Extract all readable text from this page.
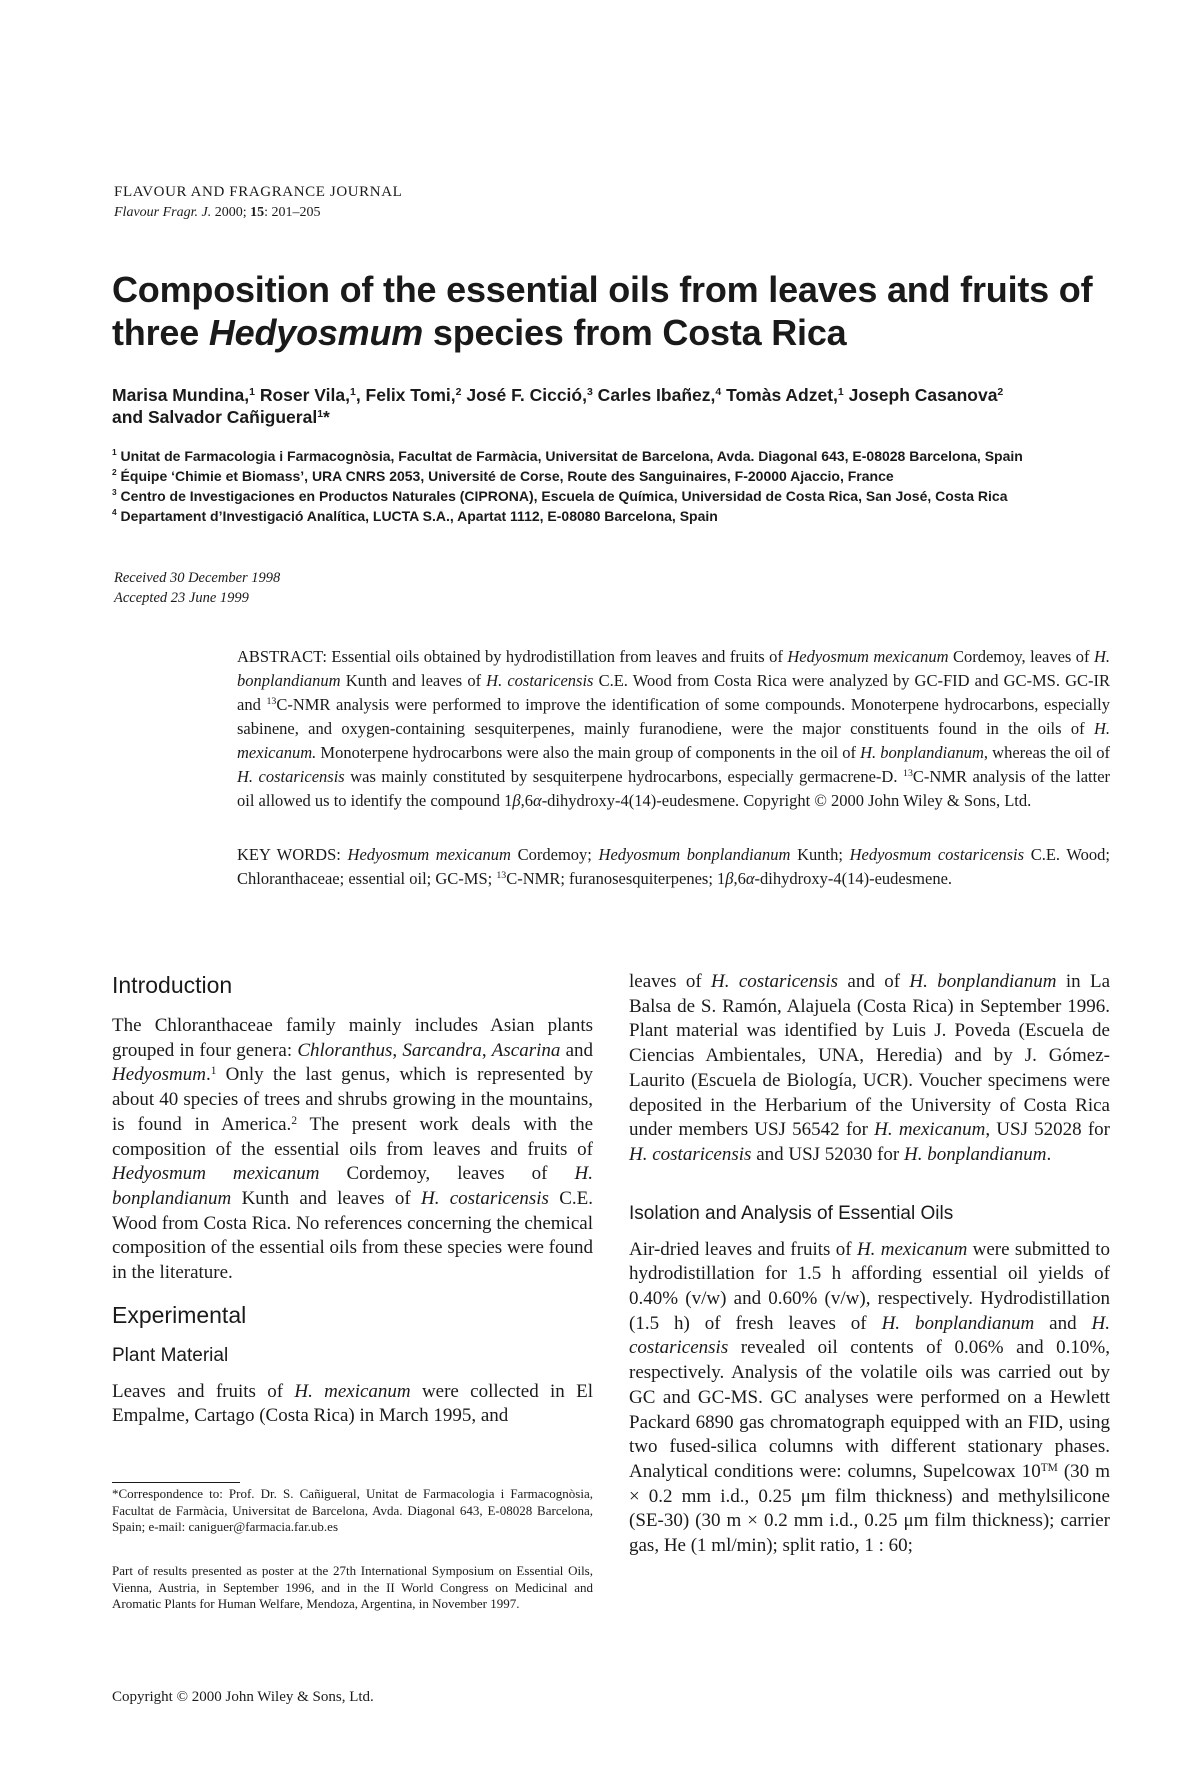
FLAVOUR AND FRAGRANCE JOURNAL
Flavour Fragr. J. 2000; 15: 201–205
Composition of the essential oils from leaves and fruits of three Hedyosmum species from Costa Rica
Marisa Mundina,$^1$ Roser Vila,$^1$, Felix Tomi,$^2$ José F. Cicció,$^3$ Carles Ibañez,$^4$ Tomàs Adzet,$^1$ Joseph Casanova$^2$
and Salvador Cañigueral$^1$*
$^1$ Unitat de Farmacologia i Farmacognòsia, Facultat de Farmàcia, Universitat de Barcelona, Avda. Diagonal 643, E-08028 Barcelona, Spain
$^2$ Équipe ‘Chimie et Biomass’, URA CNRS 2053, Université de Corse, Route des Sanguinaires, F-20000 Ajaccio, France
$^3$ Centro de Investigaciones en Productos Naturales (CIPRONA), Escuela de Química, Universidad de Costa Rica, San José, Costa Rica
$^4$ Departament d’Investigació Analítica, LUCTA S.A., Apartat 1112, E-08080 Barcelona, Spain
Received 30 December 1998
Accepted 23 June 1999
ABSTRACT: Essential oils obtained by hydrodistillation from leaves and fruits of Hedyosmum mexicanum Cordemoy, leaves of H. bonplandianum Kunth and leaves of H. costaricensis C.E. Wood from Costa Rica were analyzed by GC-FID and GC-MS. GC-IR and $^{13}$C-NMR analysis were performed to improve the identification of some compounds. Monoterpene hydrocarbons, especially sabinene, and oxygen-containing sesquiterpenes, mainly furanodiene, were the major constituents found in the oils of H. mexicanum. Monoterpene hydrocarbons were also the main group of components in the oil of H. bonplandianum, whereas the oil of H. costaricensis was mainly constituted by sesquiterpene hydrocarbons, especially germacrene-D. $^{13}$C-NMR analysis of the latter oil allowed us to identify the compound 1β,6α-dihydroxy-4(14)-eudesmene. Copyright © 2000 John Wiley & Sons, Ltd.
KEY WORDS: Hedyosmum mexicanum Cordemoy; Hedyosmum bonplandianum Kunth; Hedyosmum costaricensis C.E. Wood; Chloranthaceae; essential oil; GC-MS; $^{13}$C-NMR; furanosesquiterpenes; 1β,6α-dihydroxy-4(14)-eudesmene.
Introduction

The Chloranthaceae family mainly includes Asian plants grouped in four genera: Chloranthus, Sarcandra, Ascarina and Hedyosmum.$^1$ Only the last genus, which is represented by about 40 species of trees and shrubs growing in the mountains, is found in America.$^2$ The present work deals with the composition of the essential oils from leaves and fruits of Hedyosmum mexicanum Cordemoy, leaves of H. bonplandianum Kunth and leaves of H. costaricensis C.E. Wood from Costa Rica. No references concerning the chemical composition of the essential oils from these species were found in the literature.

Experimental
Plant Material

Leaves and fruits of H. mexicanum were collected in El Empalme, Cartago (Costa Rica) in March 1995, and

*Correspondence to: Prof. Dr. S. Cañigueral, Unitat de Farmacologia i Farmacognòsia, Facultat de Farmàcia, Universitat de Barcelona, Avda. Diagonal 643, E-08028 Barcelona, Spain; e-mail: caniguer@farmacia.far.ub.es
Part of results presented as poster at the 27th International Symposium on Essential Oils, Vienna, Austria, in September 1996, and in the II World Congress on Medicinal and Aromatic Plants for Human Welfare, Mendoza, Argentina, in November 1997.

leaves of H. costaricensis and of H. bonplandianum in La Balsa de S. Ramón, Alajuela (Costa Rica) in September 1996. Plant material was identified by Luis J. Poveda (Escuela de Ciencias Ambientales, UNA, Heredia) and by J. Gómez-Laurito (Escuela de Biología, UCR). Voucher specimens were deposited in the Herbarium of the University of Costa Rica under members USJ 56542 for H. mexicanum, USJ 52028 for H. costaricensis and USJ 52030 for H. bonplandianum.

Isolation and Analysis of Essential Oils

Air-dried leaves and fruits of H. mexicanum were submitted to hydrodistillation for 1.5 h affording essential oil yields of 0.40% (v/w) and 0.60% (v/w), respectively. Hydrodistillation (1.5 h) of fresh leaves of H. bonplandianum and H. costaricensis revealed oil contents of 0.06% and 0.10%, respectively. Analysis of the volatile oils was carried out by GC and GC-MS. GC analyses were performed on a Hewlett Packard 6890 gas chromatograph equipped with an FID, using two fused-silica columns with different stationary phases. Analytical conditions were: columns, Supelcowax 10™ (30 m × 0.2 mm i.d., 0.25 μm film thickness) and methylsilicone (SE-30) (30 m × 0.2 mm i.d., 0.25 μm film thickness); carrier gas, He (1 ml/min); split ratio, 1 : 60;

Copyright © 2000 John Wiley & Sons, Ltd.
